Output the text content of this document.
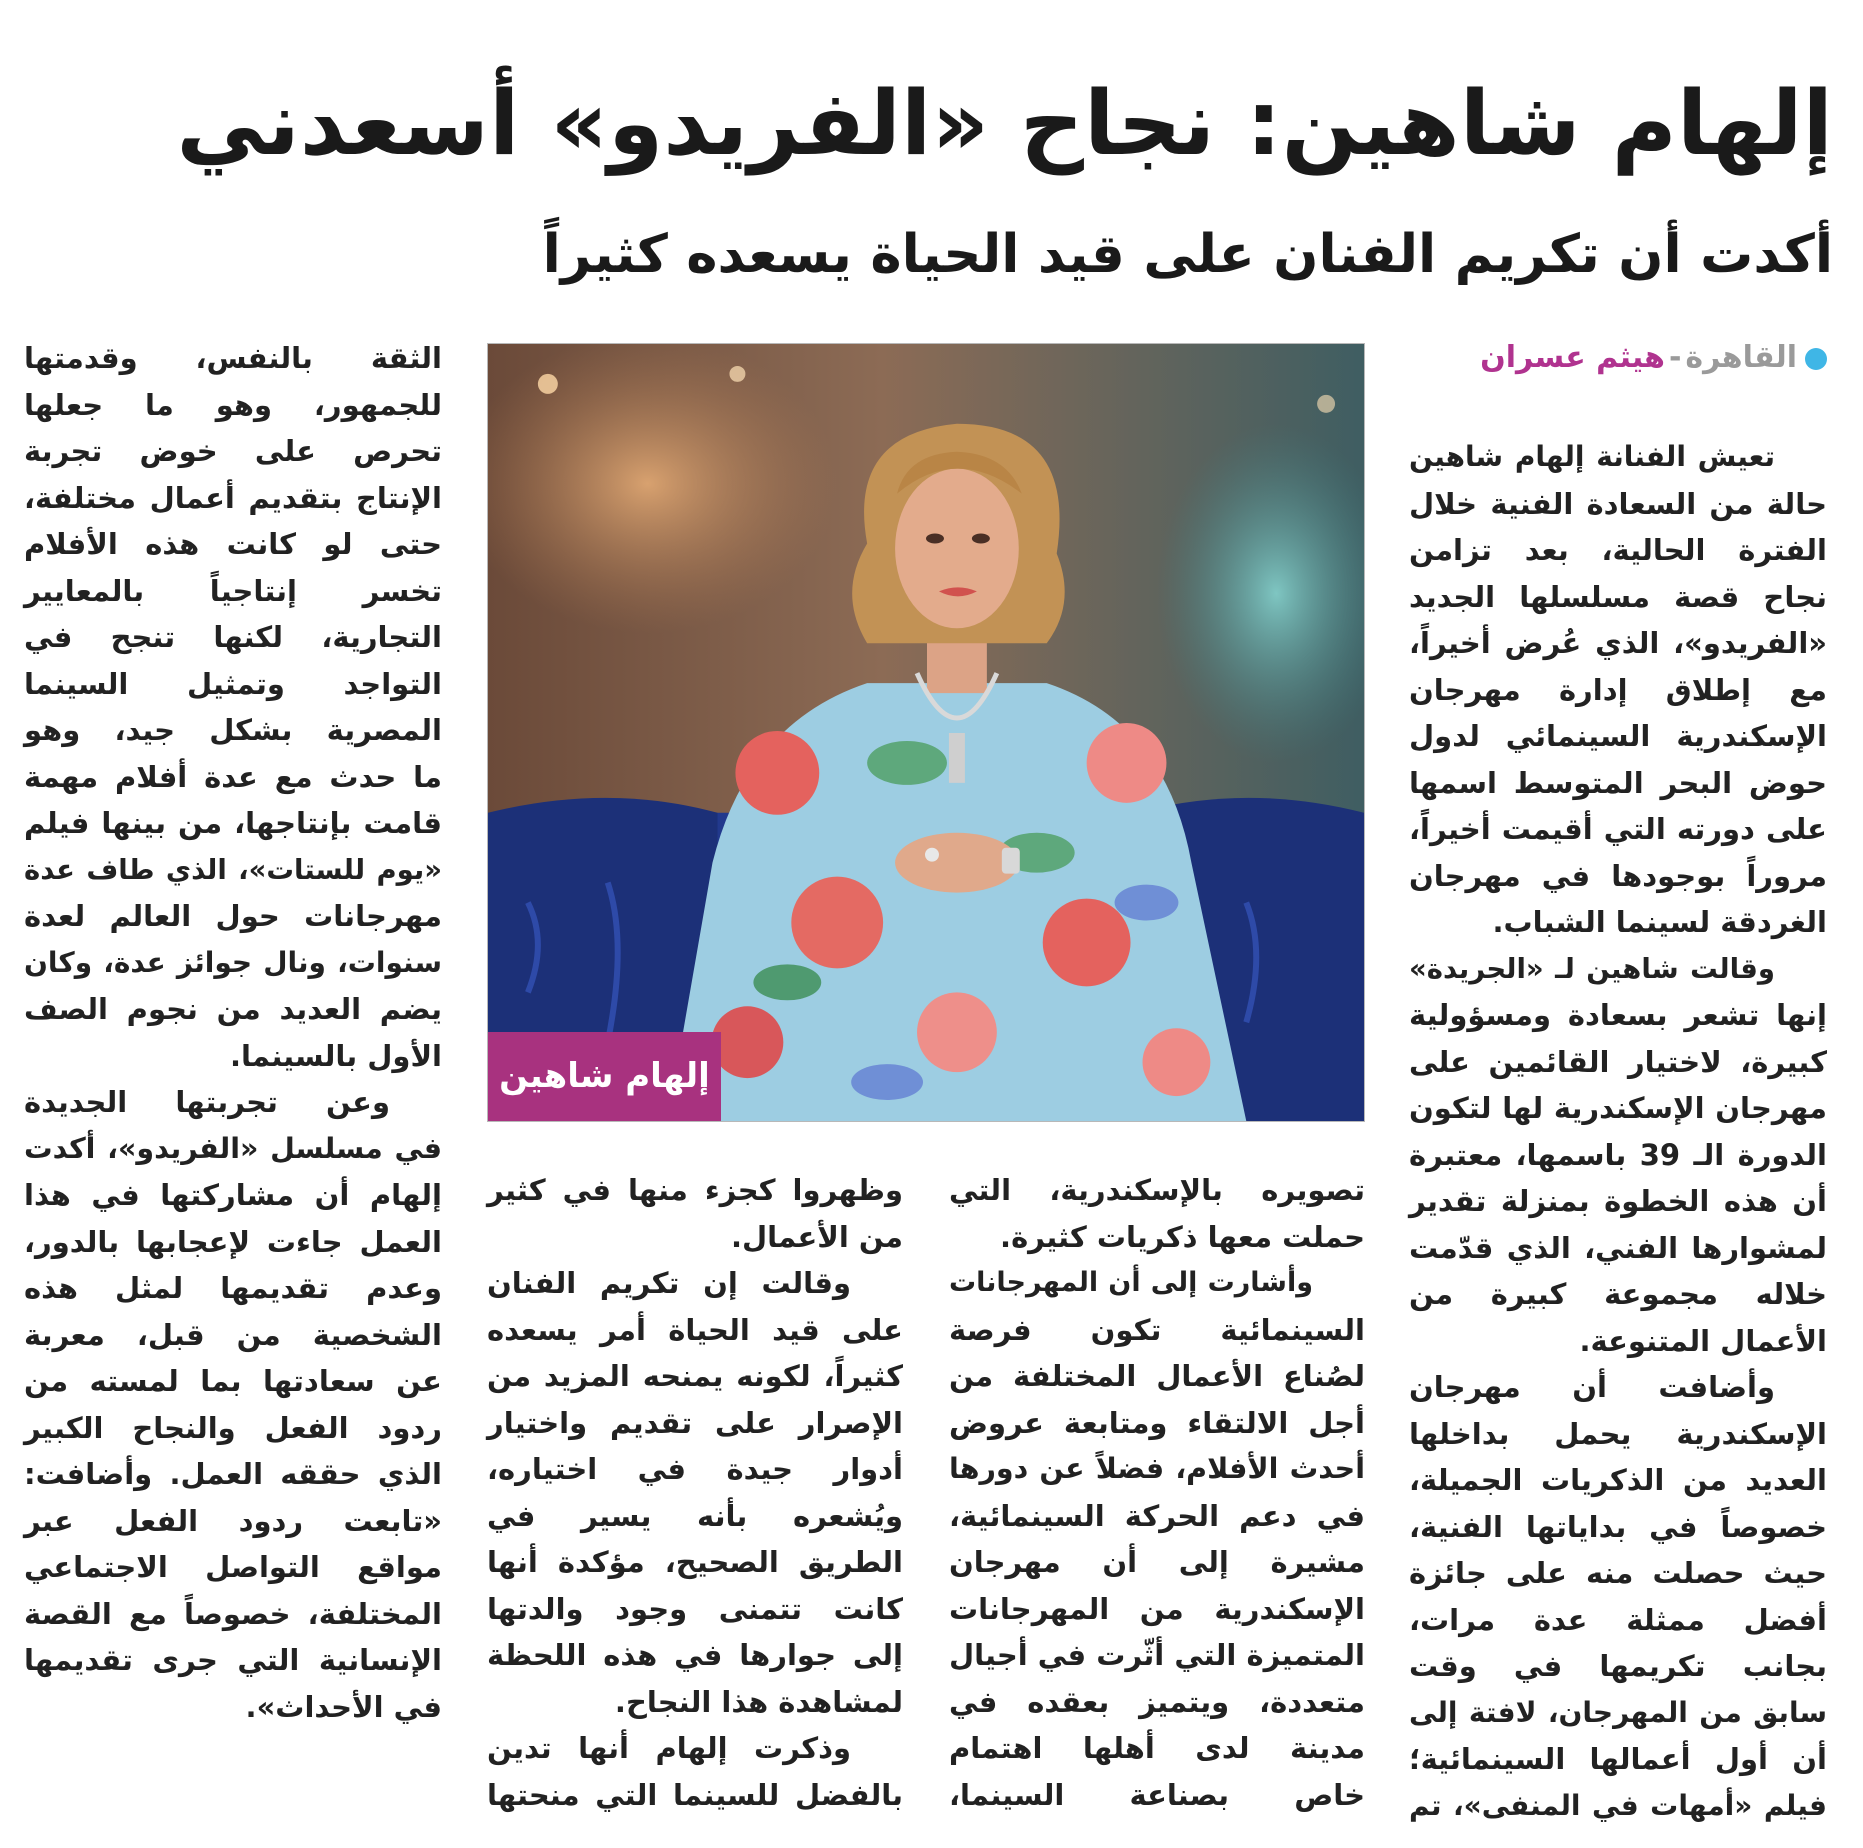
إلهام شاهين: نجاح «الفريدو» أسعدني
أكدت أن تكريم الفنان على قيد الحياة يسعده كثيراً
القاهرة-هيثم عسران
تعيش الفنانة إلهام شاهين
حالة من السعادة الفنية خلال
الفترة الحالية، بعد تزامن
نجاح قصة مسلسلها الجديد
«الفريدو»، الذي عُرض أخيراً،
مع إطلاق إدارة مهرجان
الإسكندرية السينمائي لدول
حوض البحر المتوسط اسمها
على دورته التي أقيمت أخيراً،
مروراً بوجودها في مهرجان
الغردقة لسينما الشباب.
وقالت شاهين لـ «الجريدة»
إنها تشعر بسعادة ومسؤولية
كبيرة، لاختيار القائمين على
مهرجان الإسكندرية لها لتكون
الدورة الـ 39 باسمها، معتبرة
أن هذه الخطوة بمنزلة تقدير
لمشوارها الفني، الذي قدّمت
خلاله مجموعة كبيرة من
الأعمال المتنوعة.
وأضافت أن مهرجان
الإسكندرية يحمل بداخلها
العديد من الذكريات الجميلة،
خصوصاً في بداياتها الفنية،
حيث حصلت منه على جائزة
أفضل ممثلة عدة مرات،
بجانب تكريمها في وقت
سابق من المهرجان، لافتة إلى
أن أول أعمالها السينمائية؛
فيلم «أمهات في المنفى»، تم
تصويره بالإسكندرية، التي
حملت معها ذكريات كثيرة.
وأشارت إلى أن المهرجانات
السينمائية تكون فرصة
لصُناع الأعمال المختلفة من
أجل الالتقاء ومتابعة عروض
أحدث الأفلام، فضلاً عن دورها
في دعم الحركة السينمائية،
مشيرة إلى أن مهرجان
الإسكندرية من المهرجانات
المتميزة التي أثّرت في أجيال
متعددة، ويتميز بعقده في
مدينة لدى أهلها اهتمام
خاص بصناعة السينما،
وظهروا كجزء منها في كثير
من الأعمال.
وقالت إن تكريم الفنان
على قيد الحياة أمر يسعده
كثيراً، لكونه يمنحه المزيد من
الإصرار على تقديم واختيار
أدوار جيدة في اختياره،
ويُشعره بأنه يسير في
الطريق الصحيح، مؤكدة أنها
كانت تتمنى وجود والدتها
إلى جوارها في هذه اللحظة
لمشاهدة هذا النجاح.
وذكرت إلهام أنها تدين
بالفضل للسينما التي منحتها
الثقة بالنفس، وقدمتها
للجمهور، وهو ما جعلها
تحرص على خوض تجربة
الإنتاج بتقديم أعمال مختلفة،
حتى لو كانت هذه الأفلام
تخسر إنتاجياً بالمعايير
التجارية، لكنها تنجح في
التواجد وتمثيل السينما
المصرية بشكل جيد، وهو
ما حدث مع عدة أفلام مهمة
قامت بإنتاجها، من بينها فيلم
«يوم للستات»، الذي طاف عدة
مهرجانات حول العالم لعدة
سنوات، ونال جوائز عدة، وكان
يضم العديد من نجوم الصف
الأول بالسينما.
وعن تجربتها الجديدة
في مسلسل «الفريدو»، أكدت
إلهام أن مشاركتها في هذا
العمل جاءت لإعجابها بالدور،
وعدم تقديمها لمثل هذه
الشخصية من قبل، معربة
عن سعادتها بما لمسته من
ردود الفعل والنجاح الكبير
الذي حققه العمل. وأضافت:
«تابعت ردود الفعل عبر
مواقع التواصل الاجتماعي
المختلفة، خصوصاً مع القصة
الإنسانية التي جرى تقديمها
في الأحداث».
إلهام شاهين
